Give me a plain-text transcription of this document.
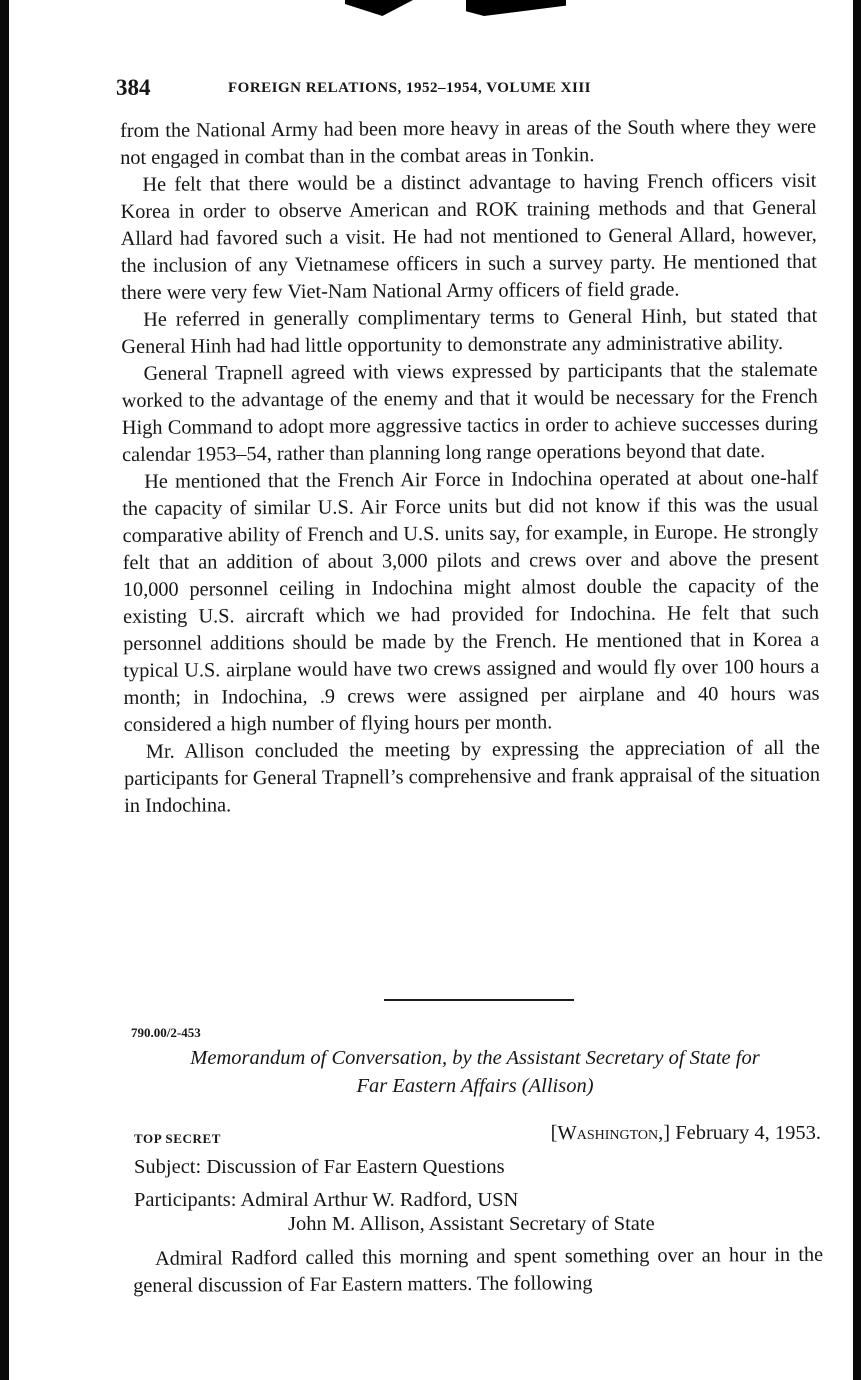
384	FOREIGN RELATIONS, 1952–1954, VOLUME XIII

from the National Army had been more heavy in areas of the South where they were not engaged in combat than in the combat areas in Tonkin.

He felt that there would be a distinct advantage to having French officers visit Korea in order to observe American and ROK training methods and that General Allard had favored such a visit. He had not mentioned to General Allard, however, the inclusion of any Vietnamese officers in such a survey party. He mentioned that there were very few Viet-Nam National Army officers of field grade.

He referred in generally complimentary terms to General Hinh, but stated that General Hinh had had little opportunity to demonstrate any administrative ability.

General Trapnell agreed with views expressed by participants that the stalemate worked to the advantage of the enemy and that it would be necessary for the French High Command to adopt more aggressive tactics in order to achieve successes during calendar 1953–54, rather than planning long range operations beyond that date.

He mentioned that the French Air Force in Indochina operated at about one-half the capacity of similar U.S. Air Force units but did not know if this was the usual comparative ability of French and U.S. units say, for example, in Europe. He strongly felt that an addition of about 3,000 pilots and crews over and above the present 10,000 personnel ceiling in Indochina might almost double the capacity of the existing U.S. aircraft which we had provided for Indochina. He felt that such personnel additions should be made by the French. He mentioned that in Korea a typical U.S. airplane would have two crews assigned and would fly over 100 hours a month; in Indochina, .9 crews were assigned per airplane and 40 hours was considered a high number of flying hours per month.

Mr. Allison concluded the meeting by expressing the appreciation of all the participants for General Trapnell’s comprehensive and frank appraisal of the situation in Indochina.

790.00/2-453
Memorandum of Conversation, by the Assistant Secretary of State for
Far Eastern Affairs (Allison)
TOP SECRET	[Washington,] February 4, 1953.
Subject: Discussion of Far Eastern Questions
Participants: Admiral Arthur W. Radford, USN
John M. Allison, Assistant Secretary of State

Admiral Radford called this morning and spent something over an hour in the general discussion of Far Eastern matters. The following
